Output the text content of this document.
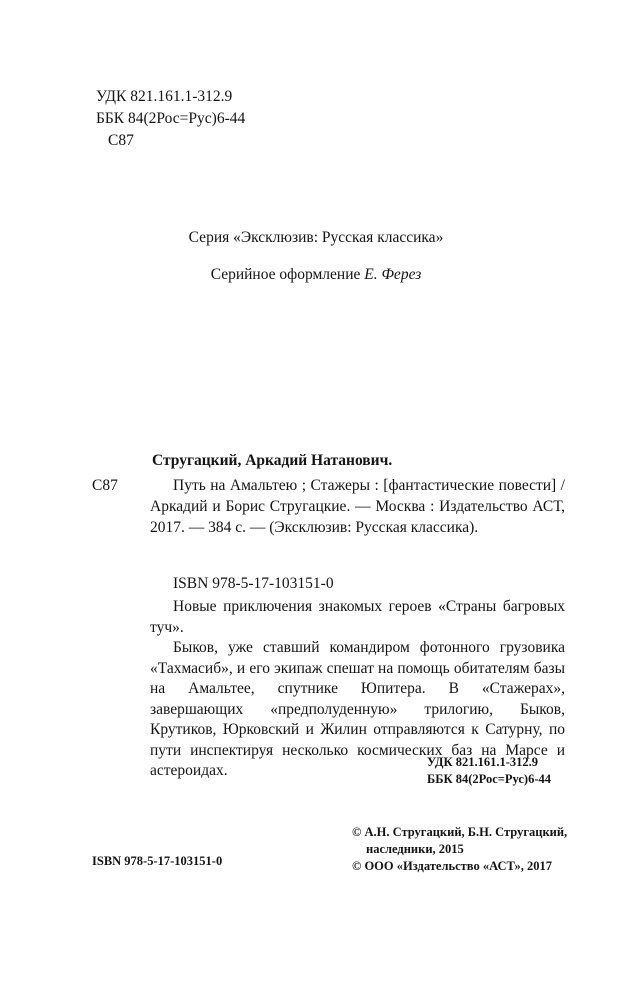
УДК 821.161.1-312.9
ББК 84(2Рос=Рус)6-44
С87
Серия «Эксклюзив: Русская классика»
Серийное оформление Е. Ферез
Стругацкий, Аркадий Натанович.
С87	Путь на Амальтею ; Стажеры : [фантастические повести] / Аркадий и Борис Стругацкие. — Москва : Издательство АСТ, 2017. — 384 с. — (Эксклюзив: Русская классика).
ISBN 978-5-17-103151-0

Новые приключения знакомых героев «Страны багровых туч».

Быков, уже ставший командиром фотонного грузовика «Тахмасиб», и его экипаж спешат на помощь обитателям базы на Амальтее, спутнике Юпитера. В «Стажерах», завершающих «предполуденную» трилогию, Быков, Крутиков, Юрковский и Жилин отправляются к Сатурну, по пути инспектируя несколько космических баз на Марсе и астероидах.	УДК 821.161.1-312.9
ББК 84(2Рос=Рус)6-44
ISBN 978-5-17-103151-0
© А.Н. Стругацкий, Б.Н. Стругацкий,
наследники, 2015
© ООО «Издательство «АСТ», 2017
